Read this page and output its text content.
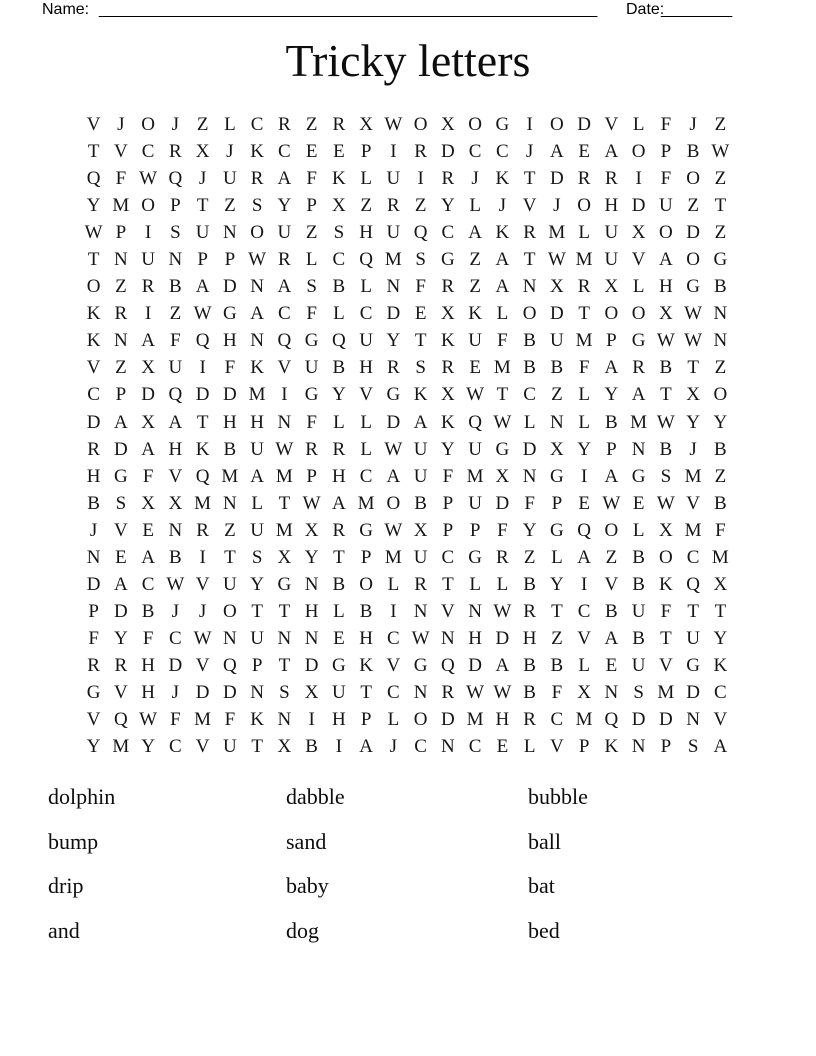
Name: ________________________________________________________ Date:
________
Tricky letters
V J O J Z L C R Z R X W O X O G I O D V L F J Z
T V C R X J K C E E P I R D C C J A E A O P B W
Q F W Q J U R A F K L U I R J K T D R R I F O Z
Y M O P T Z S Y P X Z R Z Y L J V J O H D U Z T
W P I S U N O U Z S H U Q C A K R M L U X O D Z
T N U N P P W R L C Q M S G Z A T W M U V A O G
O Z R B A D N A S B L N F R Z A N X R X L H G B
K R I Z W G A C F L C D E X K L O D T O O X W N
K N A F Q H N Q G Q U Y T K U F B U M P G W W N
V Z X U I F K V U B H R S R E M B B F A R B T Z
C P D Q D D M I G Y V G K X W T C Z L Y A T X O
D A X A T H H N F L L D A K Q W L N L B M W Y Y
R D A H K B U W R R L W U Y U G D X Y P N B J B
H G F V Q M A M P H C A U F M X N G I A G S M Z
B S X X M N L T W A M O B P U D F P E W E W V B
J V E N R Z U M X R G W X P P F Y G Q O L X M F
N E A B I T S X Y T P M U C G R Z L A Z B O C M
D A C W V U Y G N B O L R T L L B Y I V B K Q X
P D B J	J O T T H L B I N V N W R T C B U F T T
F Y F C W N U N N E H C W N H D H Z V A B T U Y
R R H D V Q P T D G K V G Q D A B B L E U V G K
G V H J D D N S X U T C N R W W B F X N S M D C
V Q W F M F K N I H P L O D M H R C M Q D D N V
Y M Y C V U T X B I A J C N C E L V P K N P S A
dolphin
bump
drip
and
dabble
sand
baby
dog
bubble
ball
bat
bed
